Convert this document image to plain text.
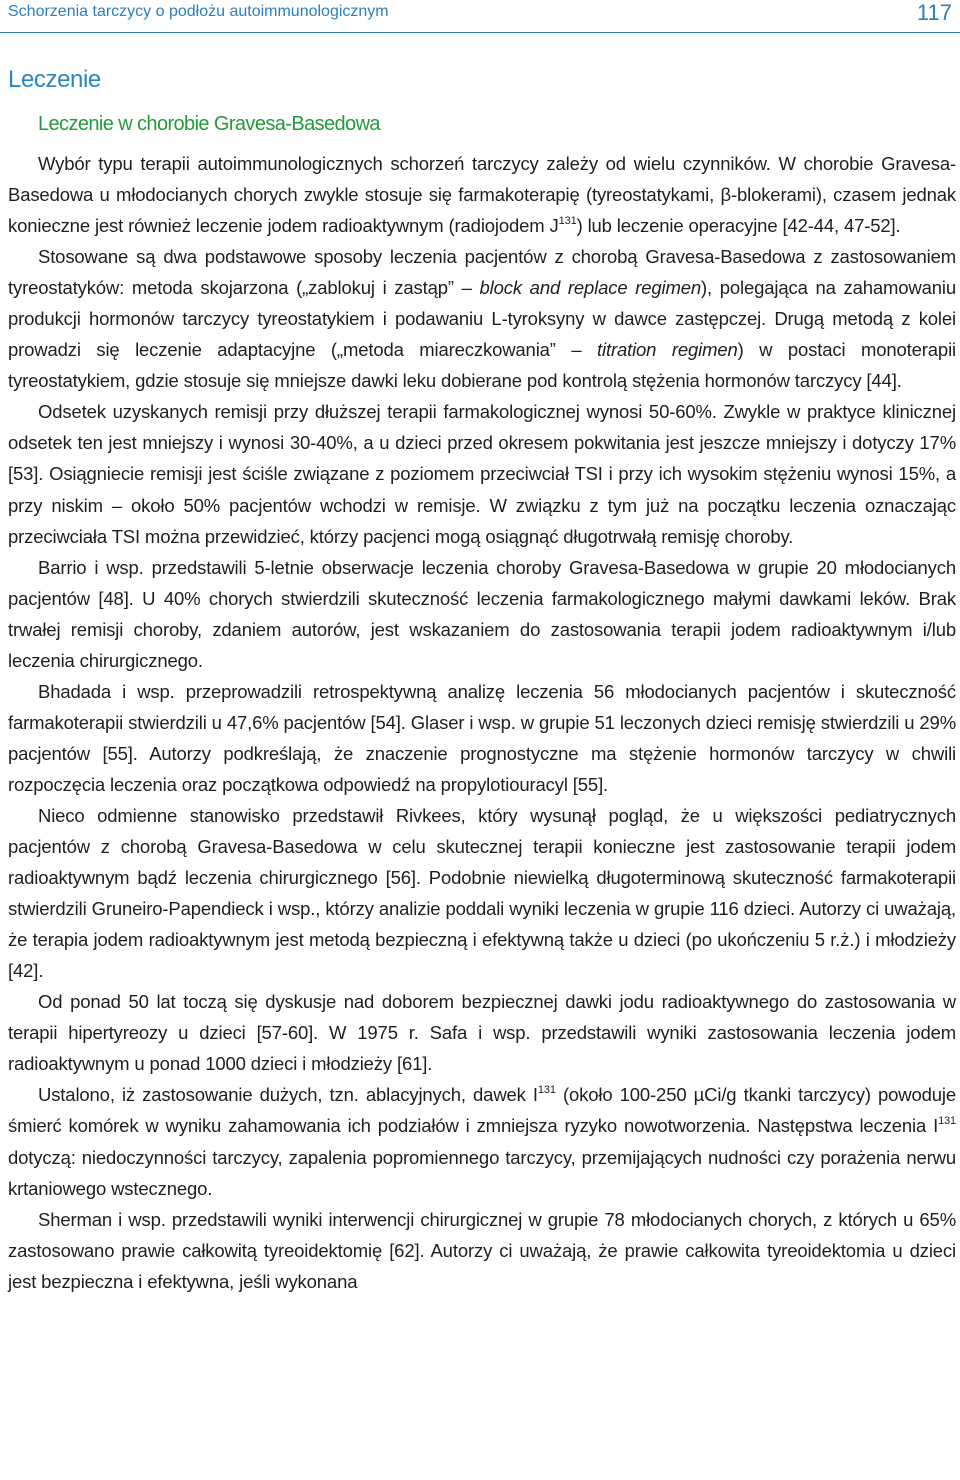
Schorzenia tarczycy o podłożu autoimmunologicznym	117
Leczenie
Leczenie w chorobie Gravesa-Basedowa

Wybór typu terapii autoimmunologicznych schorzeń tarczycy zależy od wielu czynników. W chorobie Gravesa-Basedowa u młodocianych chorych zwykle stosuje się farmakoterapię (tyreostatykami, β-blokerami), czasem jednak konieczne jest również leczenie jodem radioaktywnym (radiojodem $J^{131}$) lub leczenie operacyjne [42-44, 47-52].

Stosowane są dwa podstawowe sposoby leczenia pacjentów z chorobą Gravesa-Basedowa z zastosowaniem tyreostatyków: metoda skojarzona („zablokuj i zastąp” – block and replace regimen), polegająca na zahamowaniu produkcji hormonów tarczycy tyreostatykiem i podawaniu L-tyroksyny w dawce zastępczej. Drugą metodą z kolei prowadzi się leczenie adaptacyjne („metoda miareczkowania” – titration regimen) w postaci monoterapii tyreostatykiem, gdzie stosuje się mniejsze dawki leku dobierane pod kontrolą stężenia hormonów tarczycy [44].

Odsetek uzyskanych remisji przy dłuższej terapii farmakologicznej wynosi 50-60%. Zwykle w praktyce klinicznej odsetek ten jest mniejszy i wynosi 30-40%, a u dzieci przed okresem pokwitania jest jeszcze mniejszy i dotyczy 17% [53]. Osiągniecie remisji jest ściśle związane z poziomem przeciwciał TSI i przy ich wysokim stężeniu wynosi 15%, a przy niskim – około 50% pacjentów wchodzi w remisje. W związku z tym już na początku leczenia oznaczając przeciwciała TSI można przewidzieć, którzy pacjenci mogą osiągnąć długotrwałą remisję choroby.

Barrio i wsp. przedstawili 5-letnie obserwacje leczenia choroby Gravesa-Basedowa w grupie 20 młodocianych pacjentów [48]. U 40% chorych stwierdzili skuteczność leczenia farmakologicznego małymi dawkami leków. Brak trwałej remisji choroby, zdaniem autorów, jest wskazaniem do zastosowania terapii jodem radioaktywnym i/lub leczenia chirurgicznego.

Bhadada i wsp. przeprowadzili retrospektywną analizę leczenia 56 młodocianych pacjentów i skuteczność farmakoterapii stwierdzili u 47,6% pacjentów [54]. Glaser i wsp. w grupie 51 leczonych dzieci remisję stwierdzili u 29% pacjentów [55]. Autorzy podkreślają, że znaczenie prognostyczne ma stężenie hormonów tarczycy w chwili rozpoczęcia leczenia oraz początkowa odpowiedź na propylotiouracyl [55].

Nieco odmienne stanowisko przedstawił Rivkees, który wysunął pogląd, że u większości pediatrycznych pacjentów z chorobą Gravesa-Basedowa w celu skutecznej terapii konieczne jest zastosowanie terapii jodem radioaktywnym bądź leczenia chirurgicznego [56]. Podobnie niewielką długoterminową skuteczność farmakoterapii stwierdzili Gruneiro-Papendieck i wsp., którzy analizie poddali wyniki leczenia w grupie 116 dzieci. Autorzy ci uważają, że terapia jodem radioaktywnym jest metodą bezpieczną i efektywną także u dzieci (po ukończeniu 5 r.ż.) i młodzieży [42].

Od ponad 50 lat toczą się dyskusje nad doborem bezpiecznej dawki jodu radioaktywnego do zastosowania w terapii hipertyreozy u dzieci [57-60]. W 1975 r. Safa i wsp. przedstawili wyniki zastosowania leczenia jodem radioaktywnym u ponad 1000 dzieci i młodzieży [61].

Ustalono, iż zastosowanie dużych, tzn. ablacyjnych, dawek $I^{131}$ (około 100-250 µCi/g tkanki tarczycy) powoduje śmierć komórek w wyniku zahamowania ich podziałów i zmniejsza ryzyko nowotworzenia. Następstwa leczenia $I^{131}$ dotyczą: niedoczynności tarczycy, zapalenia popromiennego tarczycy, przemijających nudności czy porażenia nerwu krtaniowego wstecznego.

Sherman i wsp. przedstawili wyniki interwencji chirurgicznej w grupie 78 młodocianych chorych, z których u 65% zastosowano prawie całkowitą tyreoidektomię [62]. Autorzy ci uważają, że prawie całkowita tyreoidektomia u dzieci jest bezpieczna i efektywna, jeśli wykonana
